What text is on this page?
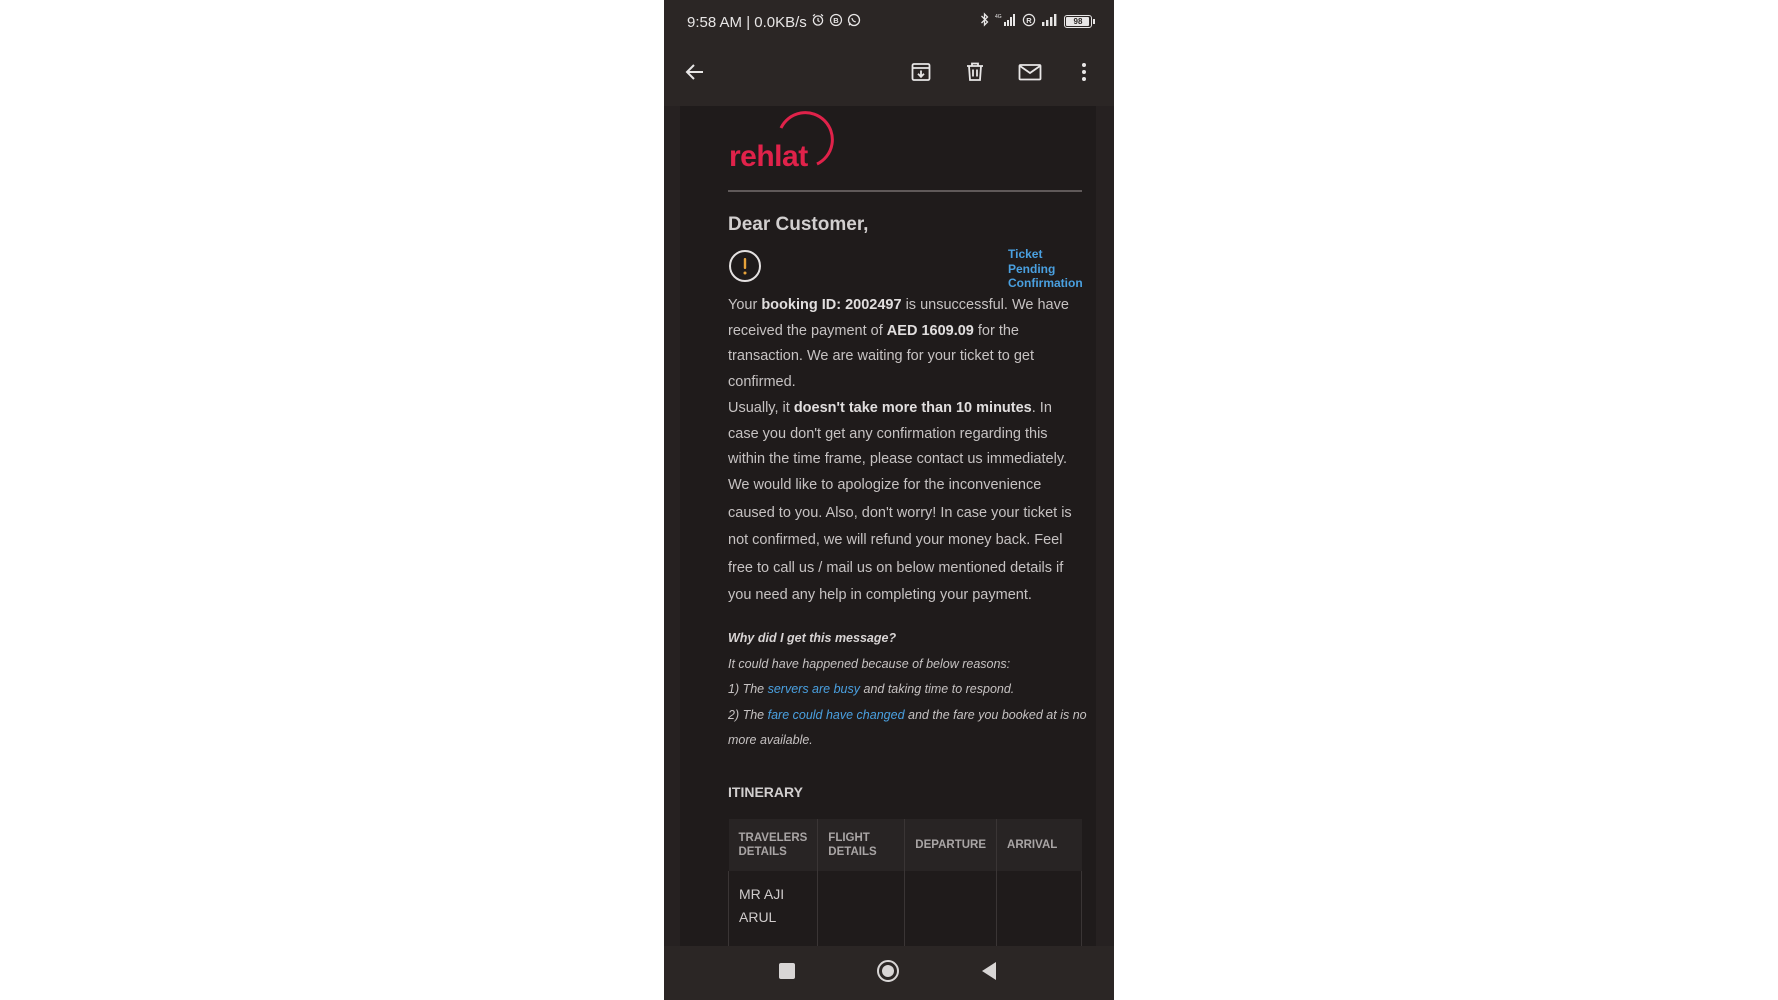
9:58 AM | 0.0KB/s	B	4G	R	98
rehlat
Dear Customer,
Ticket Pending Confirmation
Your booking ID: 2002497 is unsuccessful. We have received the payment of AED 1609.09 for the transaction. We are waiting for your ticket to get confirmed.
Usually, it doesn't take more than 10 minutes. In case you don't get any confirmation regarding this within the time frame, please contact us immediately.
We would like to apologize for the inconvenience caused to you. Also, don't worry! In case your ticket is not confirmed, we will refund your money back. Feel free to call us / mail us on below mentioned details if you need any help in completing your payment.
Why did I get this message?
It could have happened because of below reasons:
1) The servers are busy and taking time to respond.
2) The fare could have changed and the fare you booked at is no more available.
ITINERARY
TRAVELERS DETAILS	FLIGHT DETAILS	DEPARTURE	ARRIVAL
MR AJI ARUL			
